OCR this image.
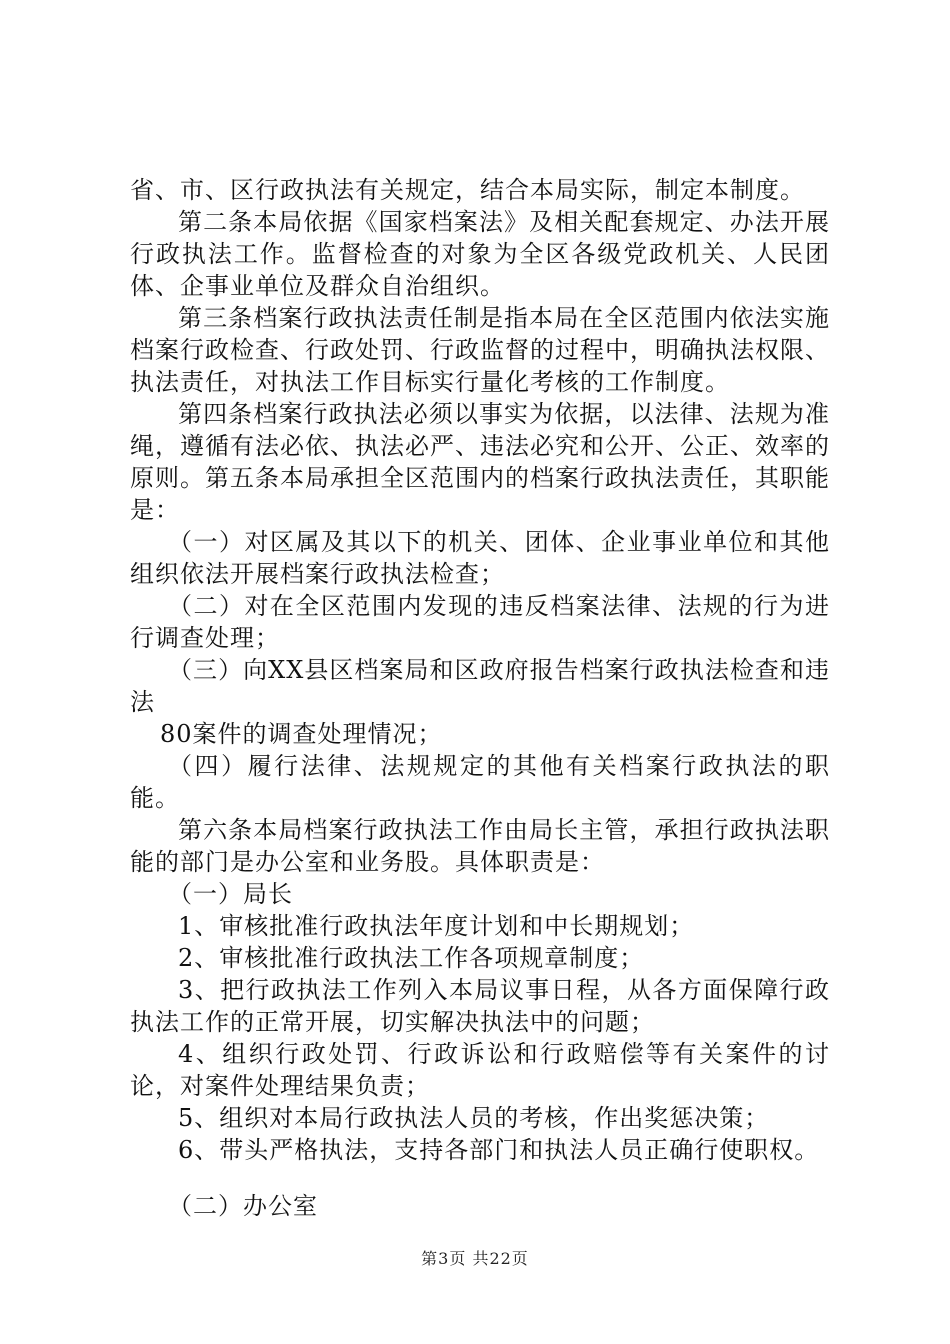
省、市、区行政执法有关规定，结合本局实际，制定本制度。

第二条本局依据《国家档案法》及相关配套规定、办法开展行政执法工作。监督检查的对象为全区各级党政机关、人民团体、企事业单位及群众自治组织。

第三条档案行政执法责任制是指本局在全区范围内依法实施档案行政检查、行政处罚、行政监督的过程中，明确执法权限、执法责任，对执法工作目标实行量化考核的工作制度。

第四条档案行政执法必须以事实为依据，以法律、法规为准绳，遵循有法必依、执法必严、违法必究和公开、公正、效率的原则。第五条本局承担全区范围内的档案行政执法责任，其职能是：

（一）对区属及其以下的机关、团体、企业事业单位和其他组织依法开展档案行政执法检查；

（二）对在全区范围内发现的违反档案法律、法规的行为进行调查处理；

（三）向XX县区档案局和区政府报告档案行政执法检查和违法

80案件的调查处理情况；

（四）履行法律、法规规定的其他有关档案行政执法的职能。

第六条本局档案行政执法工作由局长主管，承担行政执法职能的部门是办公室和业务股。具体职责是：

（一）局长

1、审核批准行政执法年度计划和中长期规划；

2、审核批准行政执法工作各项规章制度；

3、把行政执法工作列入本局议事日程，从各方面保障行政执法工作的正常开展，切实解决执法中的问题；

4、组织行政处罚、行政诉讼和行政赔偿等有关案件的讨论，对案件处理结果负责；

5、组织对本局行政执法人员的考核，作出奖惩决策；

6、带头严格执法，支持各部门和执法人员正确行使职权。

（二）办公室

第3页 共22页
